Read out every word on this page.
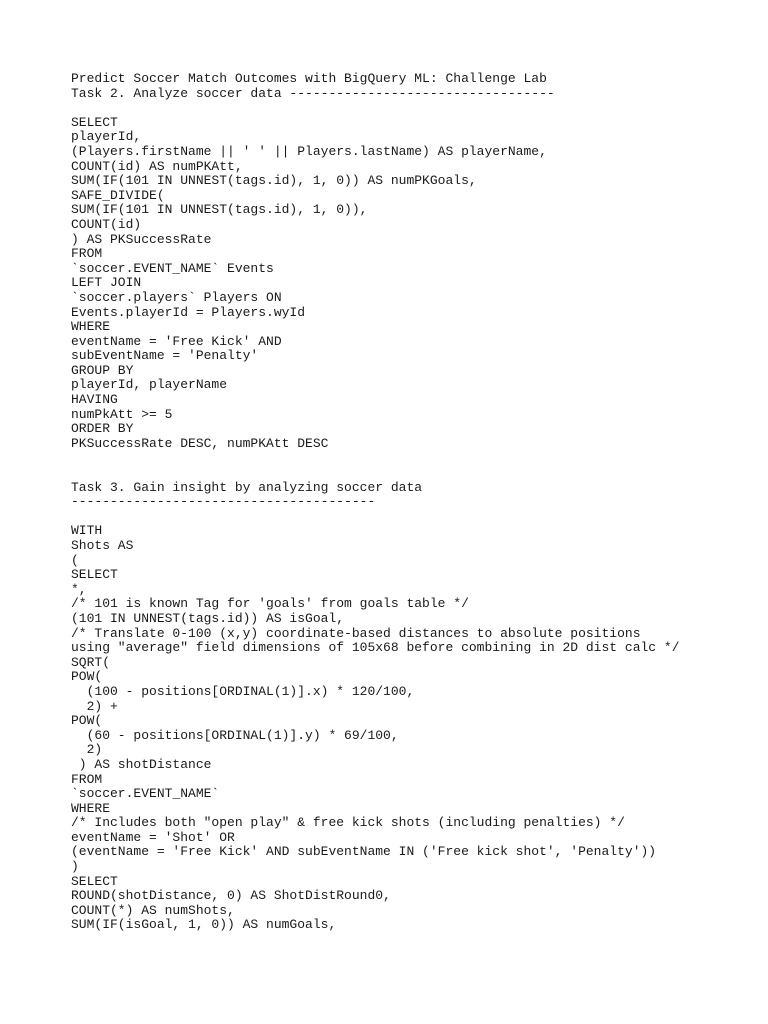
Predict Soccer Match Outcomes with BigQuery ML: Challenge Lab
Task 2. Analyze soccer data ----------------------------------
SELECT
playerId,
(Players.firstName || ' ' || Players.lastName) AS playerName,
COUNT(id) AS numPKAtt,
SUM(IF(101 IN UNNEST(tags.id), 1, 0)) AS numPKGoals,
SAFE_DIVIDE(
SUM(IF(101 IN UNNEST(tags.id), 1, 0)),
COUNT(id)
) AS PKSuccessRate
FROM
`soccer.EVENT_NAME` Events
LEFT JOIN
`soccer.players` Players ON
Events.playerId = Players.wyId
WHERE
eventName = 'Free Kick' AND
subEventName = 'Penalty'
GROUP BY
playerId, playerName
HAVING
numPkAtt >= 5
ORDER BY
PKSuccessRate DESC, numPKAtt DESC
Task 3. Gain insight by analyzing soccer data
---------------------------------------
WITH
Shots AS
(
SELECT
*,
/* 101 is known Tag for 'goals' from goals table */
(101 IN UNNEST(tags.id)) AS isGoal,
/* Translate 0-100 (x,y) coordinate-based distances to absolute positions
using "average" field dimensions of 105x68 before combining in 2D dist calc */
SQRT(
POW(
(100 - positions[ORDINAL(1)].x) * 120/100,
2) +
POW(
(60 - positions[ORDINAL(1)].y) * 69/100,
2)
) AS shotDistance
FROM
`soccer.EVENT_NAME`
WHERE
/* Includes both "open play" & free kick shots (including penalties) */
eventName = 'Shot' OR
(eventName = 'Free Kick' AND subEventName IN ('Free kick shot', 'Penalty'))
)
SELECT
ROUND(shotDistance, 0) AS ShotDistRound0,
COUNT(*) AS numShots,
SUM(IF(isGoal, 1, 0)) AS numGoals,
